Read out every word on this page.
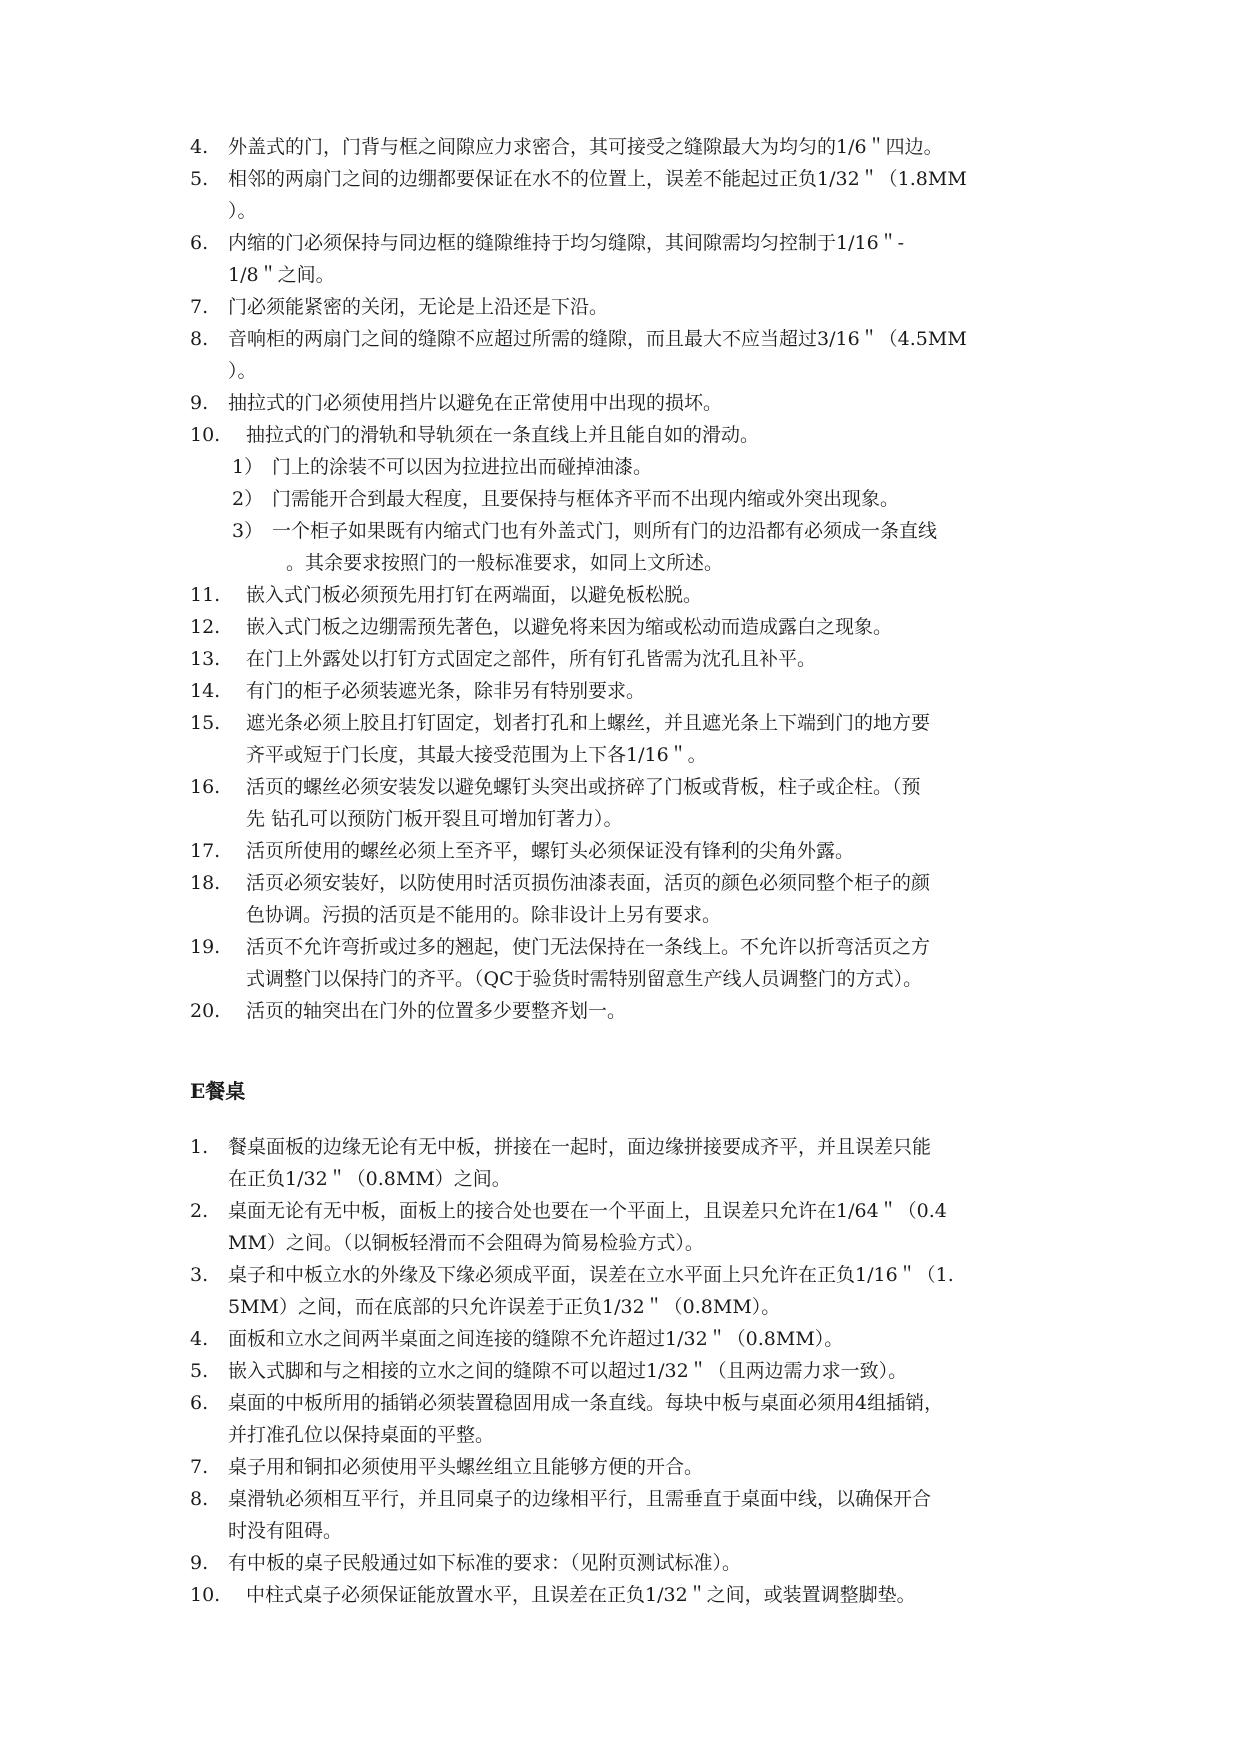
4. 外盖式的门，门背与框之间隙应力求密合，其可接受之缝隙最大为均匀的1/6＂四边。
5. 相邻的两扇门之间的边绷都要保证在水不的位置上，误差不能起过正负1/32＂（1.8MM
）。
6. 内缩的门必须保持与同边框的缝隙维持于均匀缝隙，其间隙需均匀控制于1/16＂-
1/8＂之间。
7. 门必须能紧密的关闭，无论是上沿还是下沿。
8. 音响柜的两扇门之间的缝隙不应超过所需的缝隙，而且最大不应当超过3/16＂（4.5MM
）。
9. 抽拉式的门必须使用挡片以避免在正常使用中出现的损坏。
10. 抽拉式的门的滑轨和导轨须在一条直线上并且能自如的滑动。
1） 门上的涂装不可以因为拉进拉出而碰掉油漆。
2） 门需能开合到最大程度，且要保持与框体齐平而不出现内缩或外突出现象。
3） 一个柜子如果既有内缩式门也有外盖式门，则所有门的边沿都有必须成一条直线
。其余要求按照门的一般标准要求，如同上文所述。
11. 嵌入式门板必须预先用打钉在两端面，以避免板松脱。
12. 嵌入式门板之边绷需预先著色，以避免将来因为缩或松动而造成露白之现象。
13. 在门上外露处以打钉方式固定之部件，所有钉孔皆需为沈孔且补平。
14. 有门的柜子必须装遮光条，除非另有特别要求。
15. 遮光条必须上胶且打钉固定，划者打孔和上螺丝，并且遮光条上下端到门的地方要
齐平或短于门长度，其最大接受范围为上下各1/16＂。
16. 活页的螺丝必须安装发以避免螺钉头突出或挤碎了门板或背板，柱子或企柱。（预
先 钻孔可以预防门板开裂且可增加钉著力）。
17. 活页所使用的螺丝必须上至齐平，螺钉头必须保证没有锋利的尖角外露。
18. 活页必须安装好，以防使用时活页损伤油漆表面，活页的颜色必须同整个柜子的颜
色协调。污损的活页是不能用的。除非设计上另有要求。
19. 活页不允许弯折或过多的翘起，使门无法保持在一条线上。不允许以折弯活页之方
式调整门以保持门的齐平。（QC于验货时需特别留意生产线人员调整门的方式）。
20. 活页的轴突出在门外的位置多少要整齐划一。
E餐桌
1. 餐桌面板的边缘无论有无中板，拼接在一起时，面边缘拼接要成齐平，并且误差只能
在正负1/32＂（0.8MM）之间。
2. 桌面无论有无中板，面板上的接合处也要在一个平面上，且误差只允许在1/64＂（0.4
MM）之间。（以铜板轻滑而不会阻碍为简易检验方式）。
3. 桌子和中板立水的外缘及下缘必须成平面，误差在立水平面上只允许在正负1/16＂（1.
5MM）之间，而在底部的只允许误差于正负1/32＂（0.8MM）。
4. 面板和立水之间两半桌面之间连接的缝隙不允许超过1/32＂（0.8MM）。
5. 嵌入式脚和与之相接的立水之间的缝隙不可以超过1/32＂（且两边需力求一致）。
6. 桌面的中板所用的插销必须装置稳固用成一条直线。每块中板与桌面必须用4组插销，
并打准孔位以保持桌面的平整。
7. 桌子用和铜扣必须使用平头螺丝组立且能够方便的开合。
8. 桌滑轨必须相互平行，并且同桌子的边缘相平行，且需垂直于桌面中线，以确保开合
时没有阻碍。
9. 有中板的桌子民般通过如下标准的要求：（见附页测试标准）。
10. 中柱式桌子必须保证能放置水平，且误差在正负1/32＂之间，或装置调整脚垫。
